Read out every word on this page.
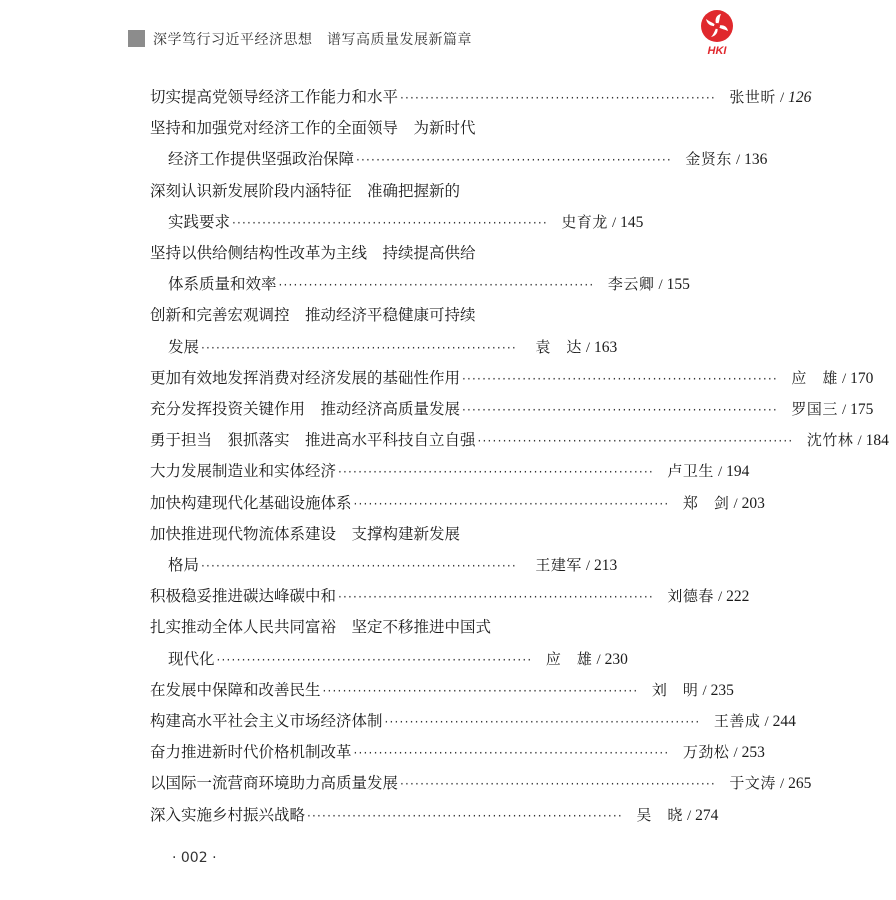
深学笃行习近平经济思想　谱写高质量发展新篇章
HKI
切实提高党领导经济工作能力和水平 ······························································· 张世昕 / 126
坚持和加强党对经济工作的全面领导　为新时代
经济工作提供坚强政治保障 ······························································· 金贤东 / 136
深刻认识新发展阶段内涵特征　准确把握新的
实践要求 ······························································· 史育龙 / 145
坚持以供给侧结构性改革为主线　持续提高供给
体系质量和效率 ······························································· 李云卿 / 155
创新和完善宏观调控　推动经济平稳健康可持续
发展 ·······························································	袁　达 / 163
更加有效地发挥消费对经济发展的基础性作用 ······························································· 应　雄 / 170
充分发挥投资关键作用　推动经济高质量发展 ······························································· 罗国三 / 175
勇于担当　狠抓落实　推进高水平科技自立自强 ······························································· 沈竹林 / 184
大力发展制造业和实体经济 ······························································· 卢卫生 / 194
加快构建现代化基础设施体系 ······························································· 郑　剑 / 203
加快推进现代物流体系建设　支撑构建新发展
格局 ·······························································	王建军 / 213
积极稳妥推进碳达峰碳中和 ······························································· 刘德春 / 222
扎实推动全体人民共同富裕　坚定不移推进中国式
现代化 ······························································· 应　雄 / 230
在发展中保障和改善民生 ······························································· 刘　明 / 235
构建高水平社会主义市场经济体制 ······························································· 王善成 / 244
奋力推进新时代价格机制改革 ······························································· 万劲松 / 253
以国际一流营商环境助力高质量发展 ······························································· 于文涛 / 265
深入实施乡村振兴战略 ······························································· 吴　晓 / 274
· 002 ·
